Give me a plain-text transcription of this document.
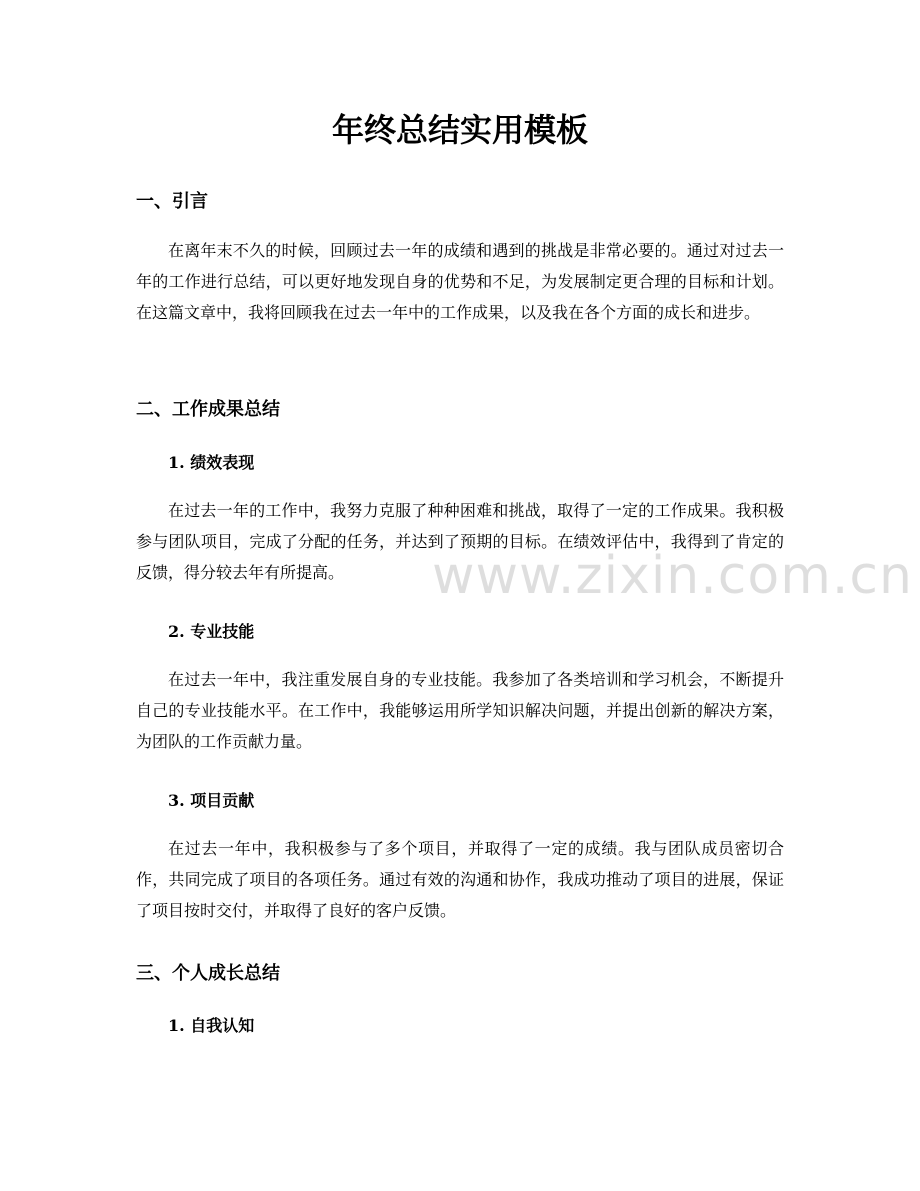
年终总结实用模板
一、引言

在离年末不久的时候，回顾过去一年的成绩和遇到的挑战是非常必要的。通过对过去一年的工作进行总结，可以更好地发现自身的优势和不足，为发展制定更合理的目标和计划。在这篇文章中，我将回顾我在过去一年中的工作成果，以及我在各个方面的成长和进步。

二、工作成果总结
1. 绩效表现

在过去一年的工作中，我努力克服了种种困难和挑战，取得了一定的工作成果。我积极参与团队项目，完成了分配的任务，并达到了预期的目标。在绩效评估中，我得到了肯定的反馈，得分较去年有所提高。

2. 专业技能

在过去一年中，我注重发展自身的专业技能。我参加了各类培训和学习机会，不断提升自己的专业技能水平。在工作中，我能够运用所学知识解决问题，并提出创新的解决方案，为团队的工作贡献力量。

3. 项目贡献

在过去一年中，我积极参与了多个项目，并取得了一定的成绩。我与团队成员密切合作，共同完成了项目的各项任务。通过有效的沟通和协作，我成功推动了项目的进展，保证了项目按时交付，并取得了良好的客户反馈。

三、个人成长总结
1. 自我认知
www.zixin.com.cn
